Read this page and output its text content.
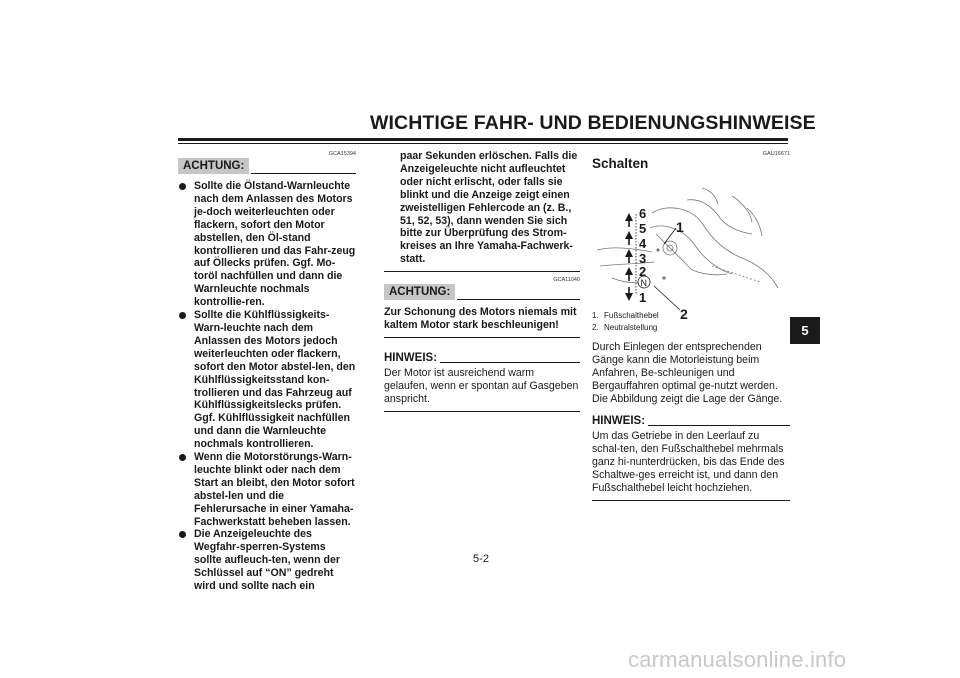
WICHTIGE FAHR- UND BEDIENUNGSHINWEISE
5
GCA15394
ACHTUNG:
Sollte die Ölstand-Warnleuchte nach dem Anlassen des Motors je-doch weiterleuchten oder flackern, sofort den Motor abstellen, den Öl-stand kontrollieren und das Fahr-zeug auf Öllecks prüfen. Ggf. Mo-toröl nachfüllen und dann die Warnleuchte nochmals kontrollie-ren.
Sollte die Kühlflüssigkeits-Warn-leuchte nach dem Anlassen des Motors jedoch weiterleuchten oder flackern, sofort den Motor abstel-len, den Kühlflüssigkeitsstand kon-trollieren und das Fahrzeug auf Kühlflüssigkeitslecks prüfen. Ggf. Kühlflüssigkeit nachfüllen und dann die Warnleuchte nochmals kontrollieren.
Wenn die Motorstörungs-Warn-leuchte blinkt oder nach dem Start an bleibt, den Motor sofort abstel-len und die Fehlerursache in einer Yamaha-Fachwerkstatt beheben lassen.
Die Anzeigeleuchte des Wegfahr-sperren-Systems sollte aufleuch-ten, wenn der Schlüssel auf “ON” gedreht wird und sollte nach ein
paar Sekunden erlöschen. Falls die Anzeigeleuchte nicht aufleuchtet oder nicht erlischt, oder falls sie blinkt und die Anzeige zeigt einen zweistelligen Fehlercode an (z. B., 51, 52, 53), dann wenden Sie sich bitte zur Überprüfung des Strom-kreises an Ihre Yamaha-Fachwerk-statt.
GCA11040
ACHTUNG:
Zur Schonung des Motors niemals mit kaltem Motor stark beschleunigen!
HINWEIS:
Der Motor ist ausreichend warm gelaufen, wenn er spontan auf Gasgeben anspricht.
GAU16671
Schalten
6
5
4
3
2
N
1
1
2
1. Fußschalthebel
2. Neutralstellung
Durch Einlegen der entsprechenden Gänge kann die Motorleistung beim Anfahren, Be-schleunigen und Bergauffahren optimal ge-nutzt werden.
Die Abbildung zeigt die Lage der Gänge.
HINWEIS:
Um das Getriebe in den Leerlauf zu schal-ten, den Fußschalthebel mehrmals ganz hi-nunterdrücken, bis das Ende des Schaltwe-ges erreicht ist, und dann den Fußschalthebel leicht hochziehen.
5-2
carmanualsonline.info
